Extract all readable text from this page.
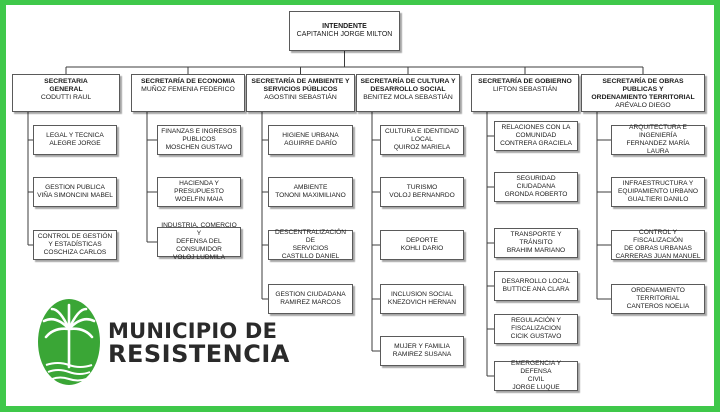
INTENDENTE
CAPITANICH JORGE MILTON
SECRETARIA
GENERAL
CODUTTI RAUL
LEGAL Y TECNICA
ALEGRE JORGE
GESTION PUBLICA
VIÑA SIMONCINI MABEL
CONTROL DE GESTIÓN
Y ESTADÍSTICAS
COSCHIZA CARLOS
SECRETARÍA DE ECONOMIA
MUÑOZ FEMENIA FEDERICO
FINANZAS E INGRESOS
PUBLICOS
MOSCHEN GUSTAVO
HACIENDA Y PRESUPUESTO
WOELFIN MAIA
INDUSTRIA, COMERCIO Y
DEFENSA DEL CONSUMIDOR
VOLOJ LUDMILA
SECRETARÍA DE AMBIENTE Y
SERVICIOS PÚBLICOS
AGOSTINI SEBASTIÁN
HIGIENE URBANA
AGUIRRE DARÍO
AMBIENTE
TONONI MAXIMILIANO
DESCENTRALIZACIÓN DE
SERVICIOS
CASTILLO DANIEL
GESTION CIUDADANA
RAMIREZ MARCOS
SECRETARÍA DE CULTURA Y
DESARROLLO SOCIAL
BENITEZ MOLA SEBASTIÁN
CULTURA E IDENTIDAD
LOCAL
QUIROZ MARIELA
TURISMO
VOLOJ BERNANRDO
DEPORTE
KOHLI DARIO
INCLUSION SOCIAL
KNEZOVICH HERNAN
MUJER Y FAMILIA
RAMIREZ SUSANA
SECRETARÍA DE GOBIERNO
LIFTON SEBASTIÁN
RELACIONES CON LA
COMUNIDAD
CONTRERA GRACIELA
SEGURIDAD CIUDADANA
GRONDA ROBERTO
TRANSPORTE Y TRÁNSITO
BRAHIM MARIANO
DESARROLLO LOCAL
BUTTICE ANA CLARA
REGULACIÓN Y
FISCALIZACION
CICIK GUSTAVO
EMERGENCIA Y DEFENSA
CIVIL
JORGE LUQUE
SECRETARÍA DE OBRAS PUBLICAS Y
ORDENAMIENTO TERRITORIAL
ARÉVALO DIEGO
ARQUITECTURA E
INGENIERÍA
FERNANDEZ MARÍA LAURA
INFRAESTRUCTURA Y
EQUIPAMIENTO URBANO
GUALTIERI DANILO
CONTROL Y FISCALIZACIÓN
DE OBRAS URBANAS
CARRERAS JUAN MANUEL
ORDENAMIENTO
TERRITORIAL
CANTEROS NOELIA
MUNICIPIO DE
RESISTENCIA
